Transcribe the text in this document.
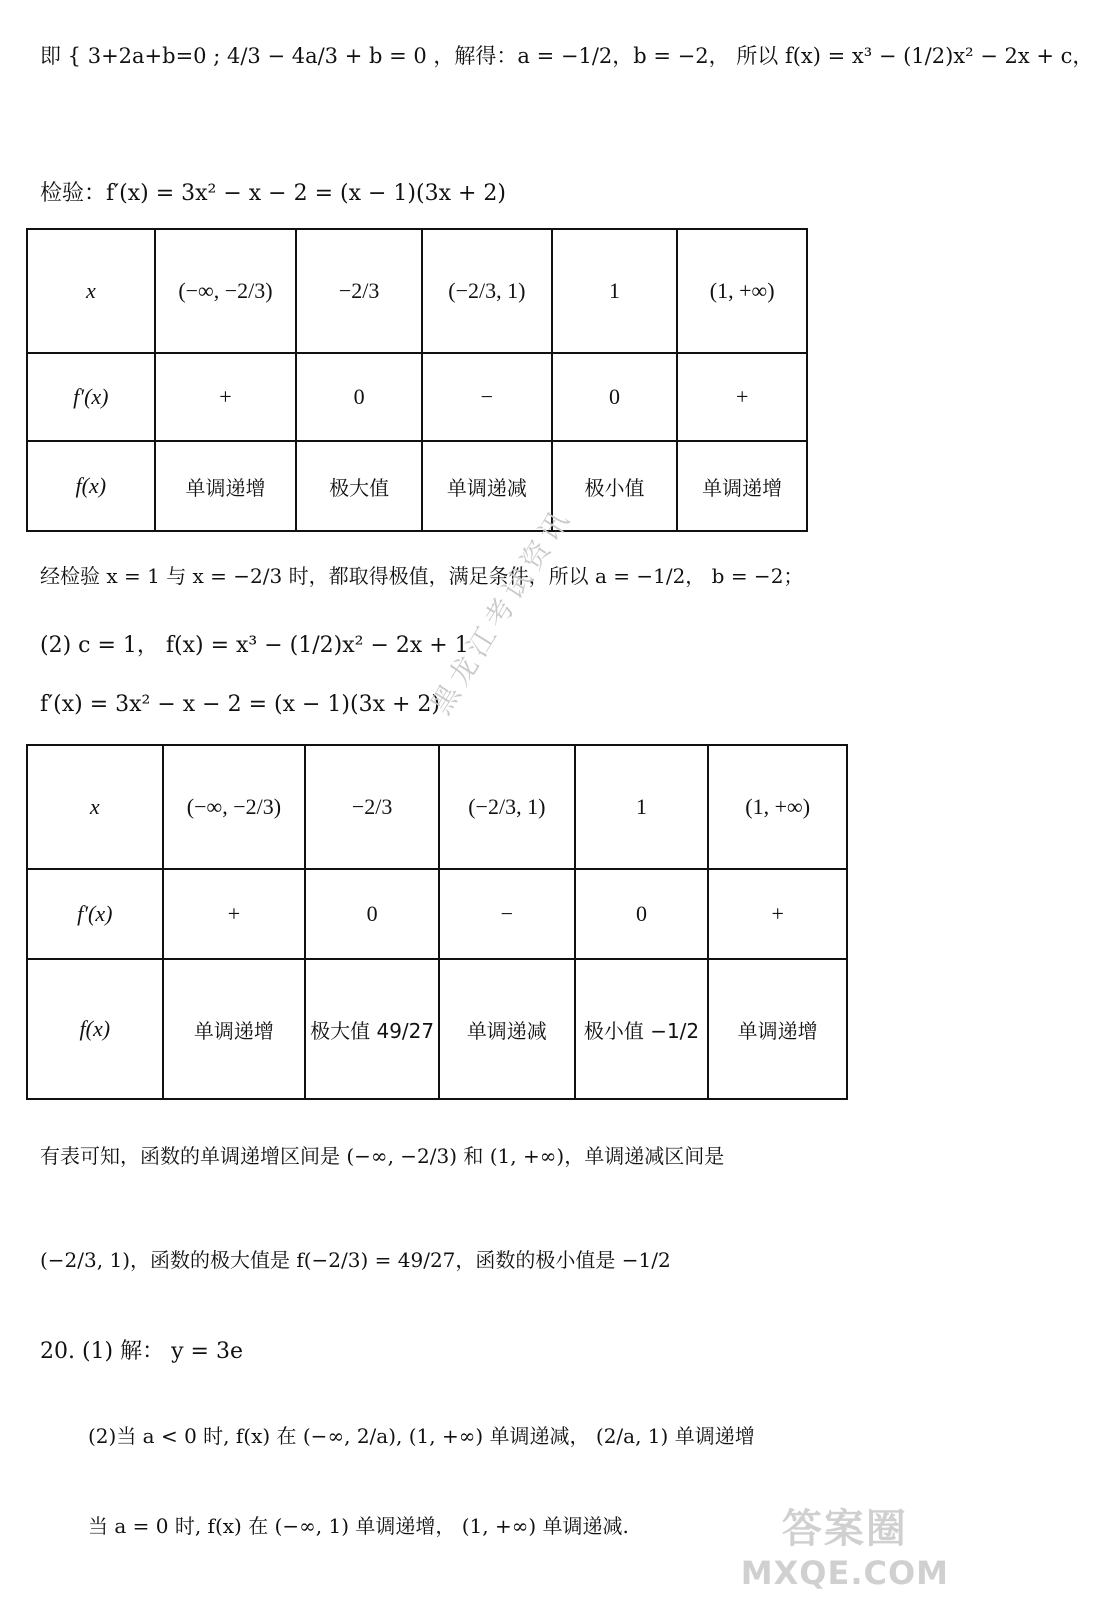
即 { 3+2a+b=0 ; 4/3 − 4a/3 + b = 0 ，解得：a = −1/2，b = −2， 所以 f(x) = x³ − (1/2)x² − 2x + c，
检验：f′(x) = 3x² − x − 2 = (x − 1)(3x + 2)
x	(−∞, −2/3)	−2/3	(−2/3, 1)	1	(1, +∞)
f′(x)	+	0	−	0	+
f(x)	单调递增	极大值	单调递减	极小值	单调递增
经检验 x = 1 与 x = −2/3 时，都取得极值，满足条件，所以 a = −1/2， b = −2；
(2) c = 1， f(x) = x³ − (1/2)x² − 2x + 1
f′(x) = 3x² − x − 2 = (x − 1)(3x + 2)
x	(−∞, −2/3)	−2/3	(−2/3, 1)	1	(1, +∞)
f′(x)	+	0	−	0	+
f(x)	单调递增	极大值 49/27	单调递减	极小值 −1/2	单调递增
有表可知，函数的单调递增区间是 (−∞, −2/3) 和 (1, +∞)，单调递减区间是
(−2/3, 1)，函数的极大值是 f(−2/3) = 49/27，函数的极小值是 −1/2
20. (1) 解： y = 3e
(2)当 a < 0 时, f(x) 在 (−∞, 2/a), (1, +∞) 单调递减， (2/a, 1) 单调递增
当 a = 0 时, f(x) 在 (−∞, 1) 单调递增， (1, +∞) 单调递减.
黑龙江考试资讯
答案圈
MXQE.COM
